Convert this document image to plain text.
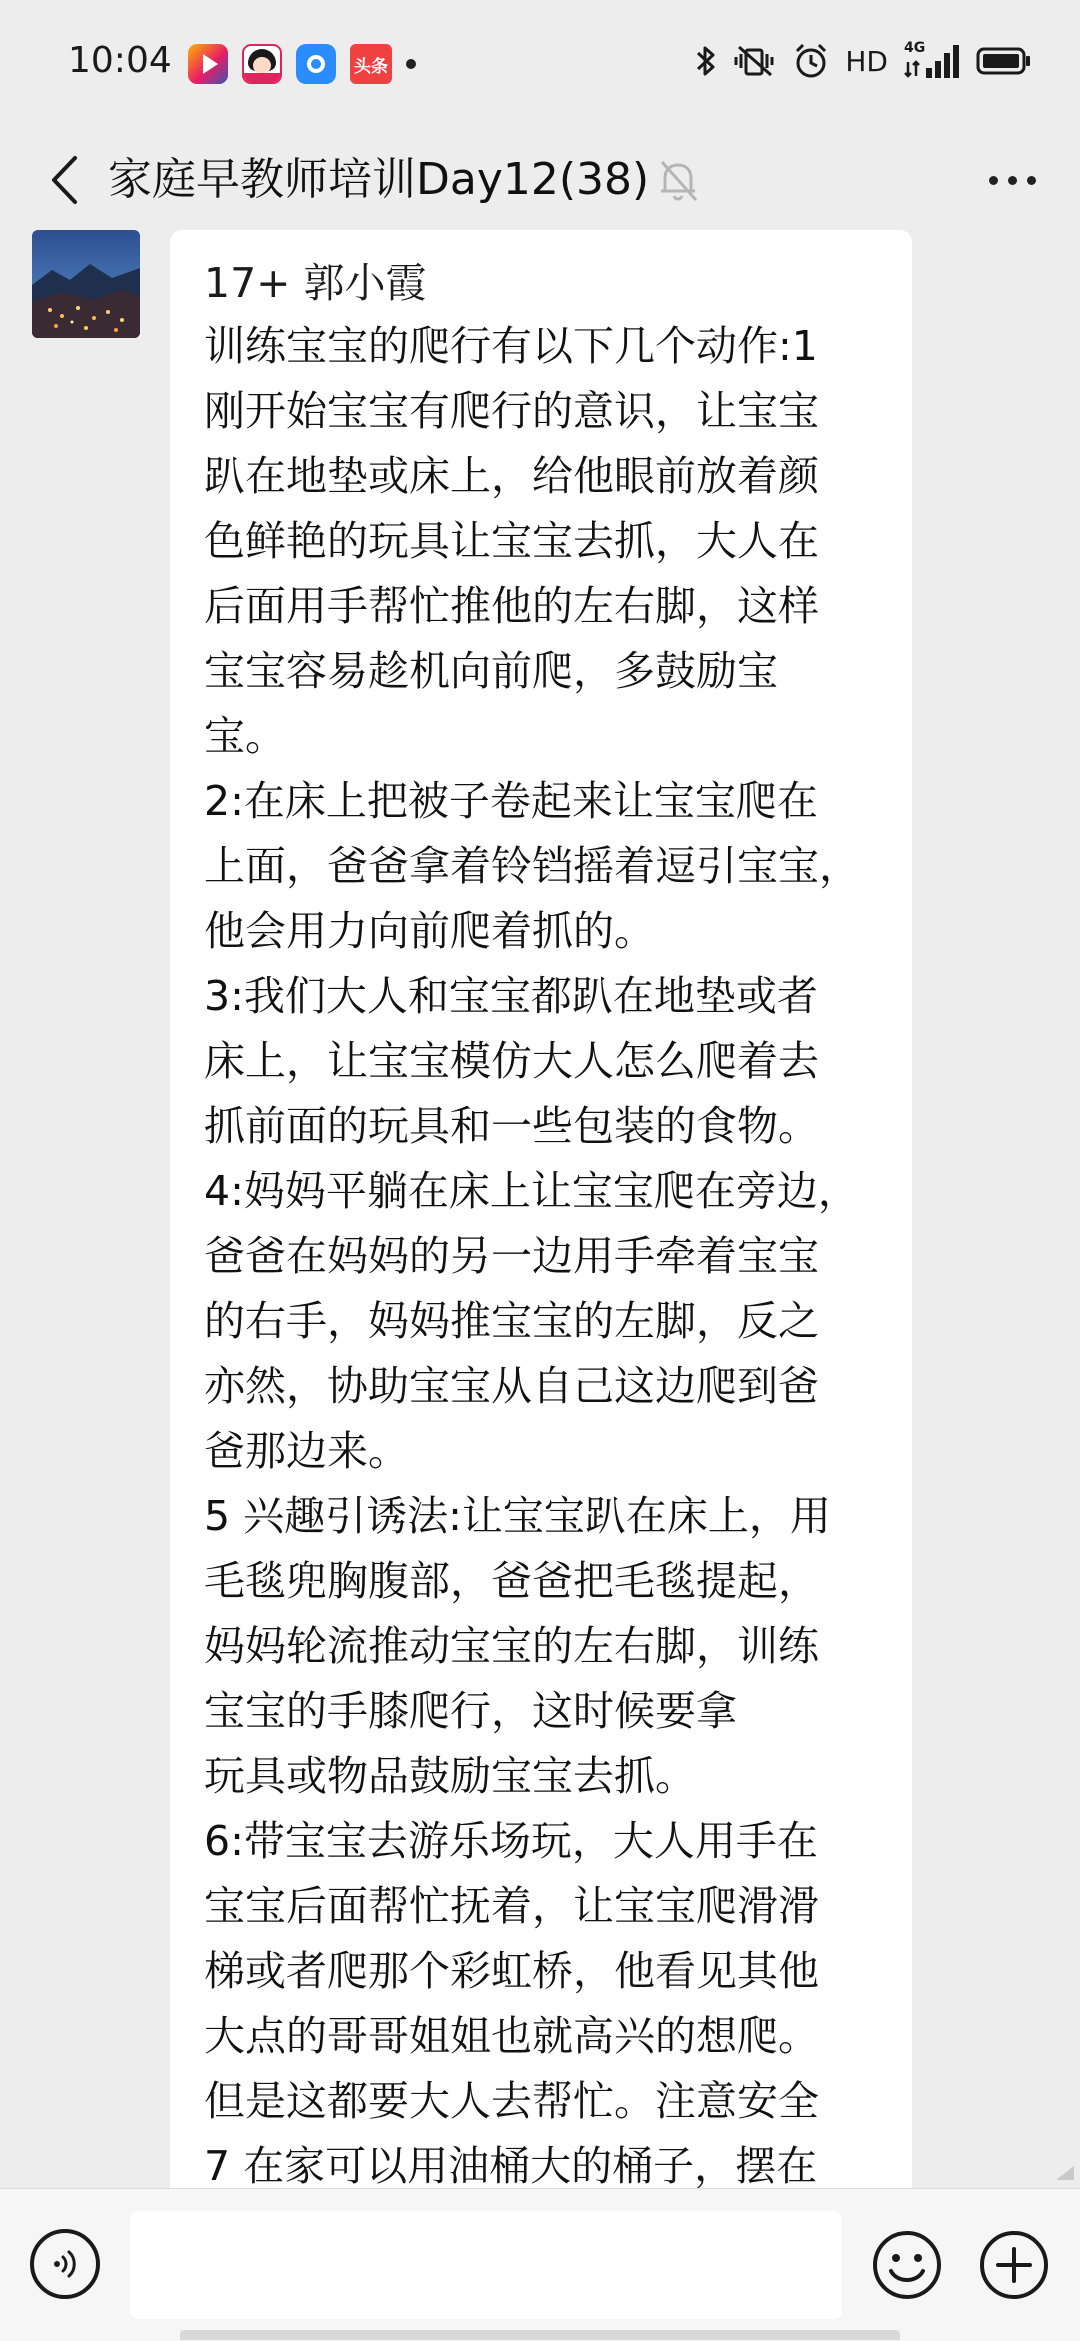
10:04	头条	HD 4G
家庭早教师培训Day12(38)
17+ 郭小霞
训练宝宝的爬行有以下几个动作:1
刚开始宝宝有爬行的意识，让宝宝
趴在地垫或床上，给他眼前放着颜
色鲜艳的玩具让宝宝去抓，大人在
后面用手帮忙推他的左右脚，这样
宝宝容易趁机向前爬，多鼓励宝
宝。
2:在床上把被子卷起来让宝宝爬在
上面，爸爸拿着铃铛摇着逗引宝宝，
他会用力向前爬着抓的。
3:我们大人和宝宝都趴在地垫或者
床上，让宝宝模仿大人怎么爬着去
抓前面的玩具和一些包装的食物。
4:妈妈平躺在床上让宝宝爬在旁边，
爸爸在妈妈的另一边用手牵着宝宝
的右手，妈妈推宝宝的左脚，反之
亦然，协助宝宝从自己这边爬到爸
爸那边来。
5 兴趣引诱法:让宝宝趴在床上，用
毛毯兜胸腹部，爸爸把毛毯提起，
妈妈轮流推动宝宝的左右脚，训练
宝宝的手膝爬行，这时候要拿
玩具或物品鼓励宝宝去抓。
6:带宝宝去游乐场玩，大人用手在
宝宝后面帮忙抚着，让宝宝爬滑滑
梯或者爬那个彩虹桥，他看见其他
大点的哥哥姐姐也就高兴的想爬。
但是这都要大人去帮忙。注意安全
7 在家可以用油桶大的桶子，摆在
